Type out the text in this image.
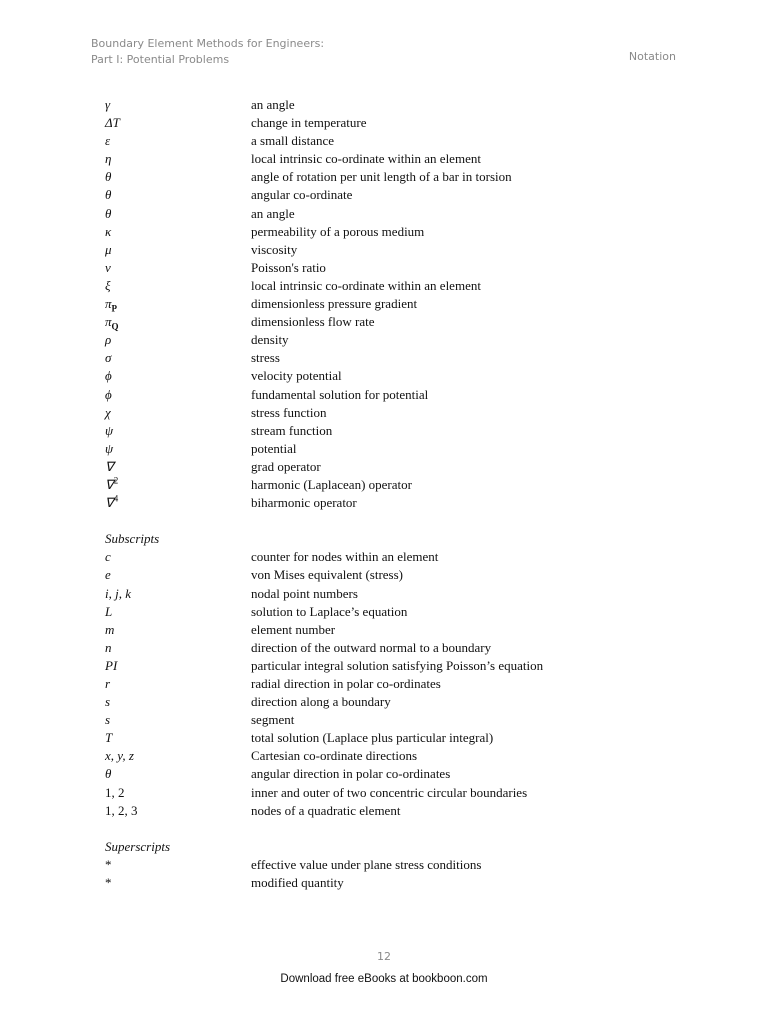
Boundary Element Methods for Engineers:
Part I: Potential Problems	Notation
γ	an angle
ΔT	change in temperature
ε	a small distance
η	local intrinsic co-ordinate within an element
θ	angle of rotation per unit length of a bar in torsion
θ	angular co-ordinate
θ	an angle
κ	permeability of a porous medium
μ	viscosity
ν	Poisson's ratio
ξ	local intrinsic co-ordinate within an element
$\pi_P$	dimensionless pressure gradient
$\pi_Q$	dimensionless flow rate
ρ	density
σ	stress
ϕ	velocity potential
ϕ	fundamental solution for potential
χ	stress function
ψ	stream function
ψ	potential
∇	grad operator
∇$^2$	harmonic (Laplacean) operator
∇$^4$	biharmonic operator
Subscripts
c	counter for nodes within an element
e	von Mises equivalent (stress)
i, j, k	nodal point numbers
L	solution to Laplace’s equation
m	element number
n	direction of the outward normal to a boundary
PI	particular integral solution satisfying Poisson’s equation
r	radial direction in polar co-ordinates
s	direction along a boundary
s	segment
T	total solution (Laplace plus particular integral)
x, y, z	Cartesian co-ordinate directions
θ	angular direction in polar co-ordinates
1, 2	inner and outer of two concentric circular boundaries
1, 2, 3	nodes of a quadratic element
Superscripts
*	effective value under plane stress conditions
*	modified quantity
12
Download free eBooks at bookboon.com
